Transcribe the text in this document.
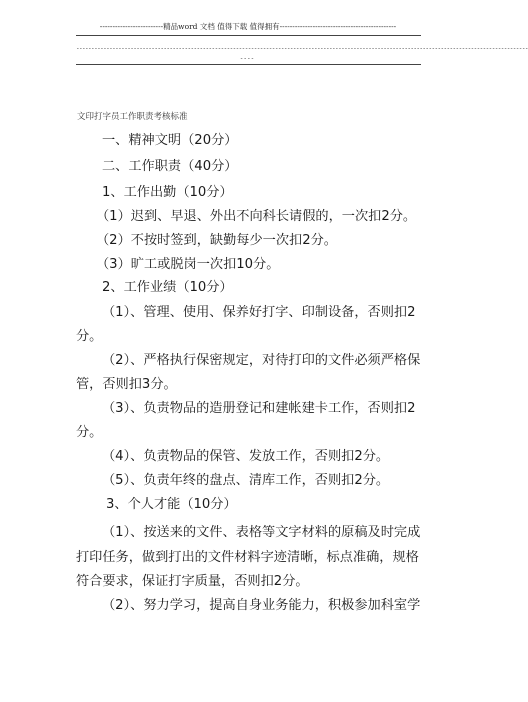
-------------------------精品word 文档 值得下载 值得拥有----------------------------------------------
------------------------------------------------------------------------------------------------------------------------------------------------------
----
文印打字员工作职责考核标准
一、精神文明（20分）
二、工作职责（40分）
1、工作出勤（10分）
（1）迟到、早退、外出不向科长请假的，一次扣2分。
（2）不按时签到，缺勤每少一次扣2分。
（3）旷工或脱岗一次扣10分。
2、工作业绩（10分）
（1）、管理、使用、保养好打字、印制设备，否则扣2
分。
（2）、严格执行保密规定，对待打印的文件必须严格保
管，否则扣3分。
（3）、负责物品的造册登记和建帐建卡工作，否则扣2
分。
（4）、负责物品的保管、发放工作，否则扣2分。
（5）、负责年终的盘点、清库工作，否则扣2分。
3、个人才能（10分）
（1）、按送来的文件、表格等文字材料的原稿及时完成
打印任务，做到打出的文件材料字迹清晰，标点准确，规格
符合要求，保证打字质量，否则扣2分。
（2）、努力学习，提高自身业务能力，积极参加科室学
